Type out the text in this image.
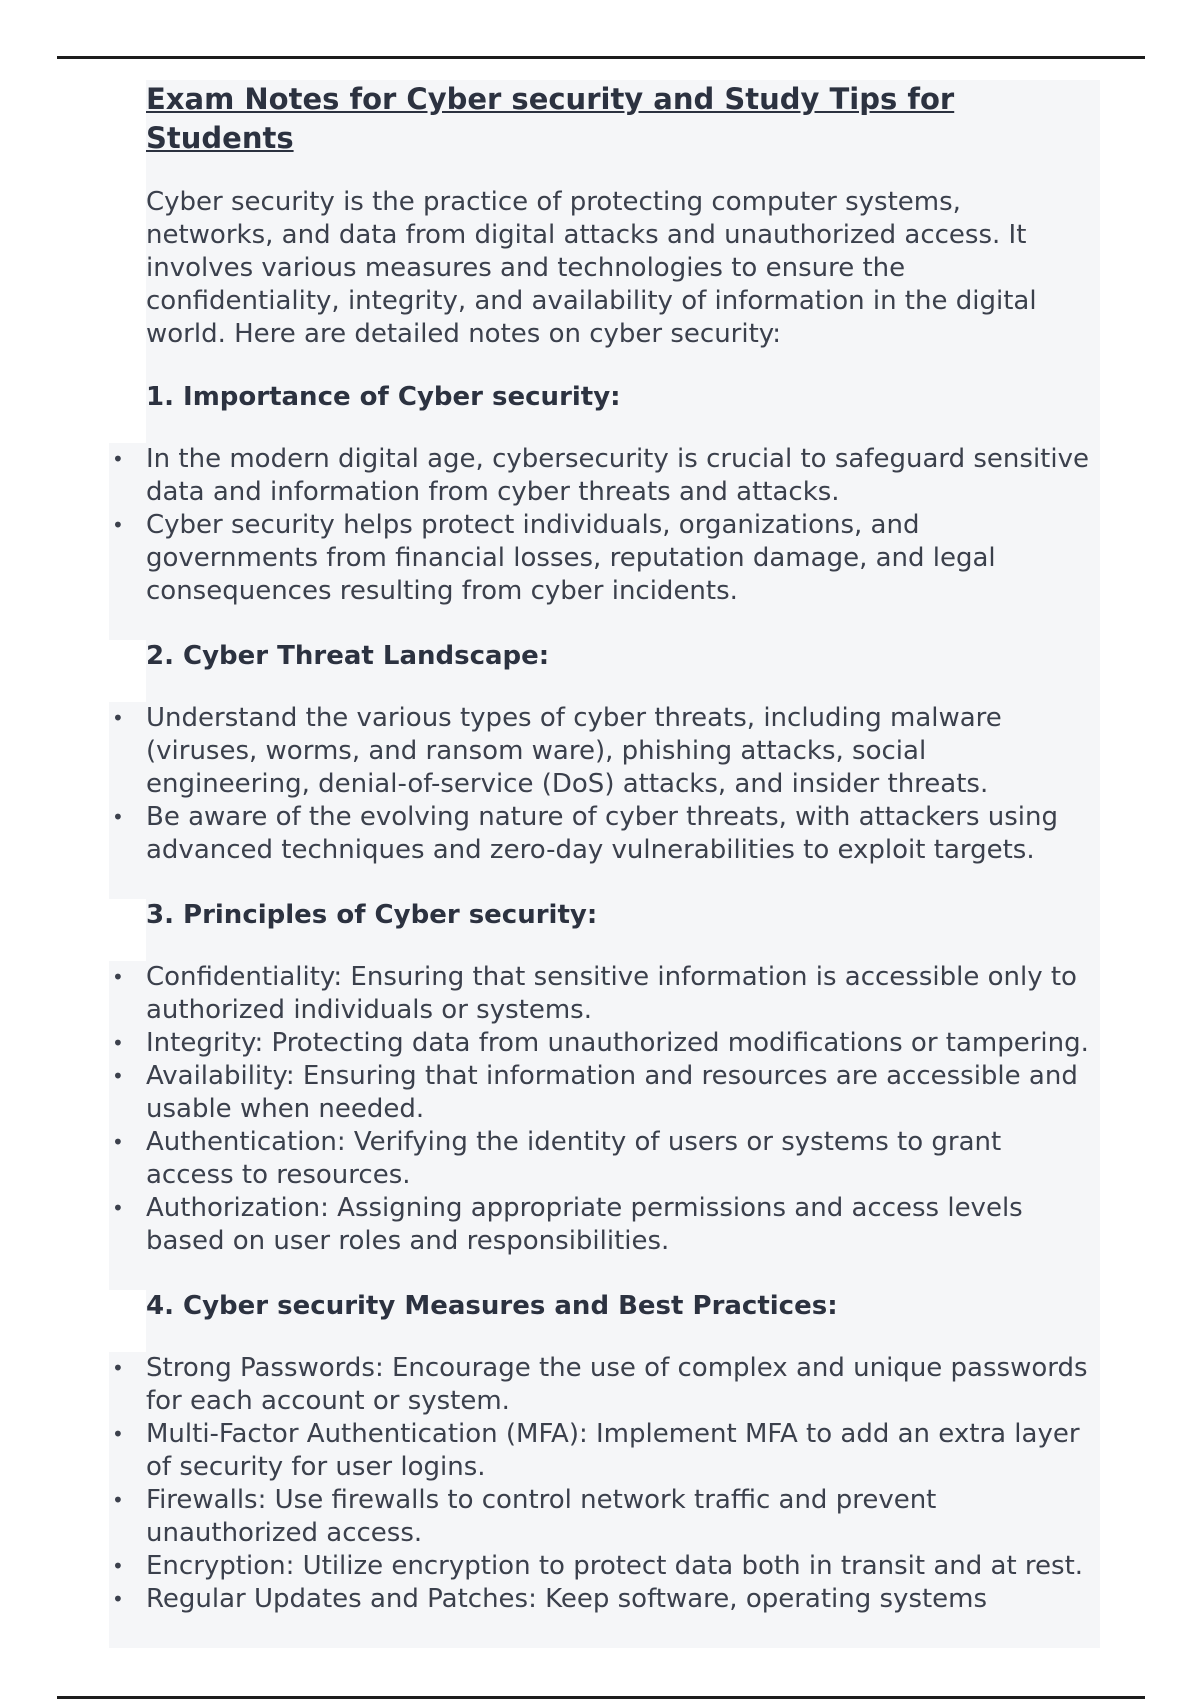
Exam Notes for Cyber security and Study Tips for Students

Cyber security is the practice of protecting computer systems, networks, and data from digital attacks and unauthorized access. It involves various measures and technologies to ensure the confidentiality, integrity, and availability of information in the digital world. Here are detailed notes on cyber security:

1. Importance of Cyber security:
• In the modern digital age, cybersecurity is crucial to safeguard sensitive data and information from cyber threats and attacks.
• Cyber security helps protect individuals, organizations, and governments from financial losses, reputation damage, and legal consequences resulting from cyber incidents.
2. Cyber Threat Landscape:
• Understand the various types of cyber threats, including malware (viruses, worms, and ransom ware), phishing attacks, social engineering, denial-of-service (DoS) attacks, and insider threats.
• Be aware of the evolving nature of cyber threats, with attackers using advanced techniques and zero-day vulnerabilities to exploit targets.
3. Principles of Cyber security:
• Confidentiality: Ensuring that sensitive information is accessible only to authorized individuals or systems.
• Integrity: Protecting data from unauthorized modifications or tampering.
• Availability: Ensuring that information and resources are accessible and usable when needed.
• Authentication: Verifying the identity of users or systems to grant access to resources.
• Authorization: Assigning appropriate permissions and access levels based on user roles and responsibilities.
4. Cyber security Measures and Best Practices:
• Strong Passwords: Encourage the use of complex and unique passwords for each account or system.
• Multi-Factor Authentication (MFA): Implement MFA to add an extra layer of security for user logins.
• Firewalls: Use firewalls to control network traffic and prevent unauthorized access.
• Encryption: Utilize encryption to protect data both in transit and at rest.
• Regular Updates and Patches: Keep software, operating systems
